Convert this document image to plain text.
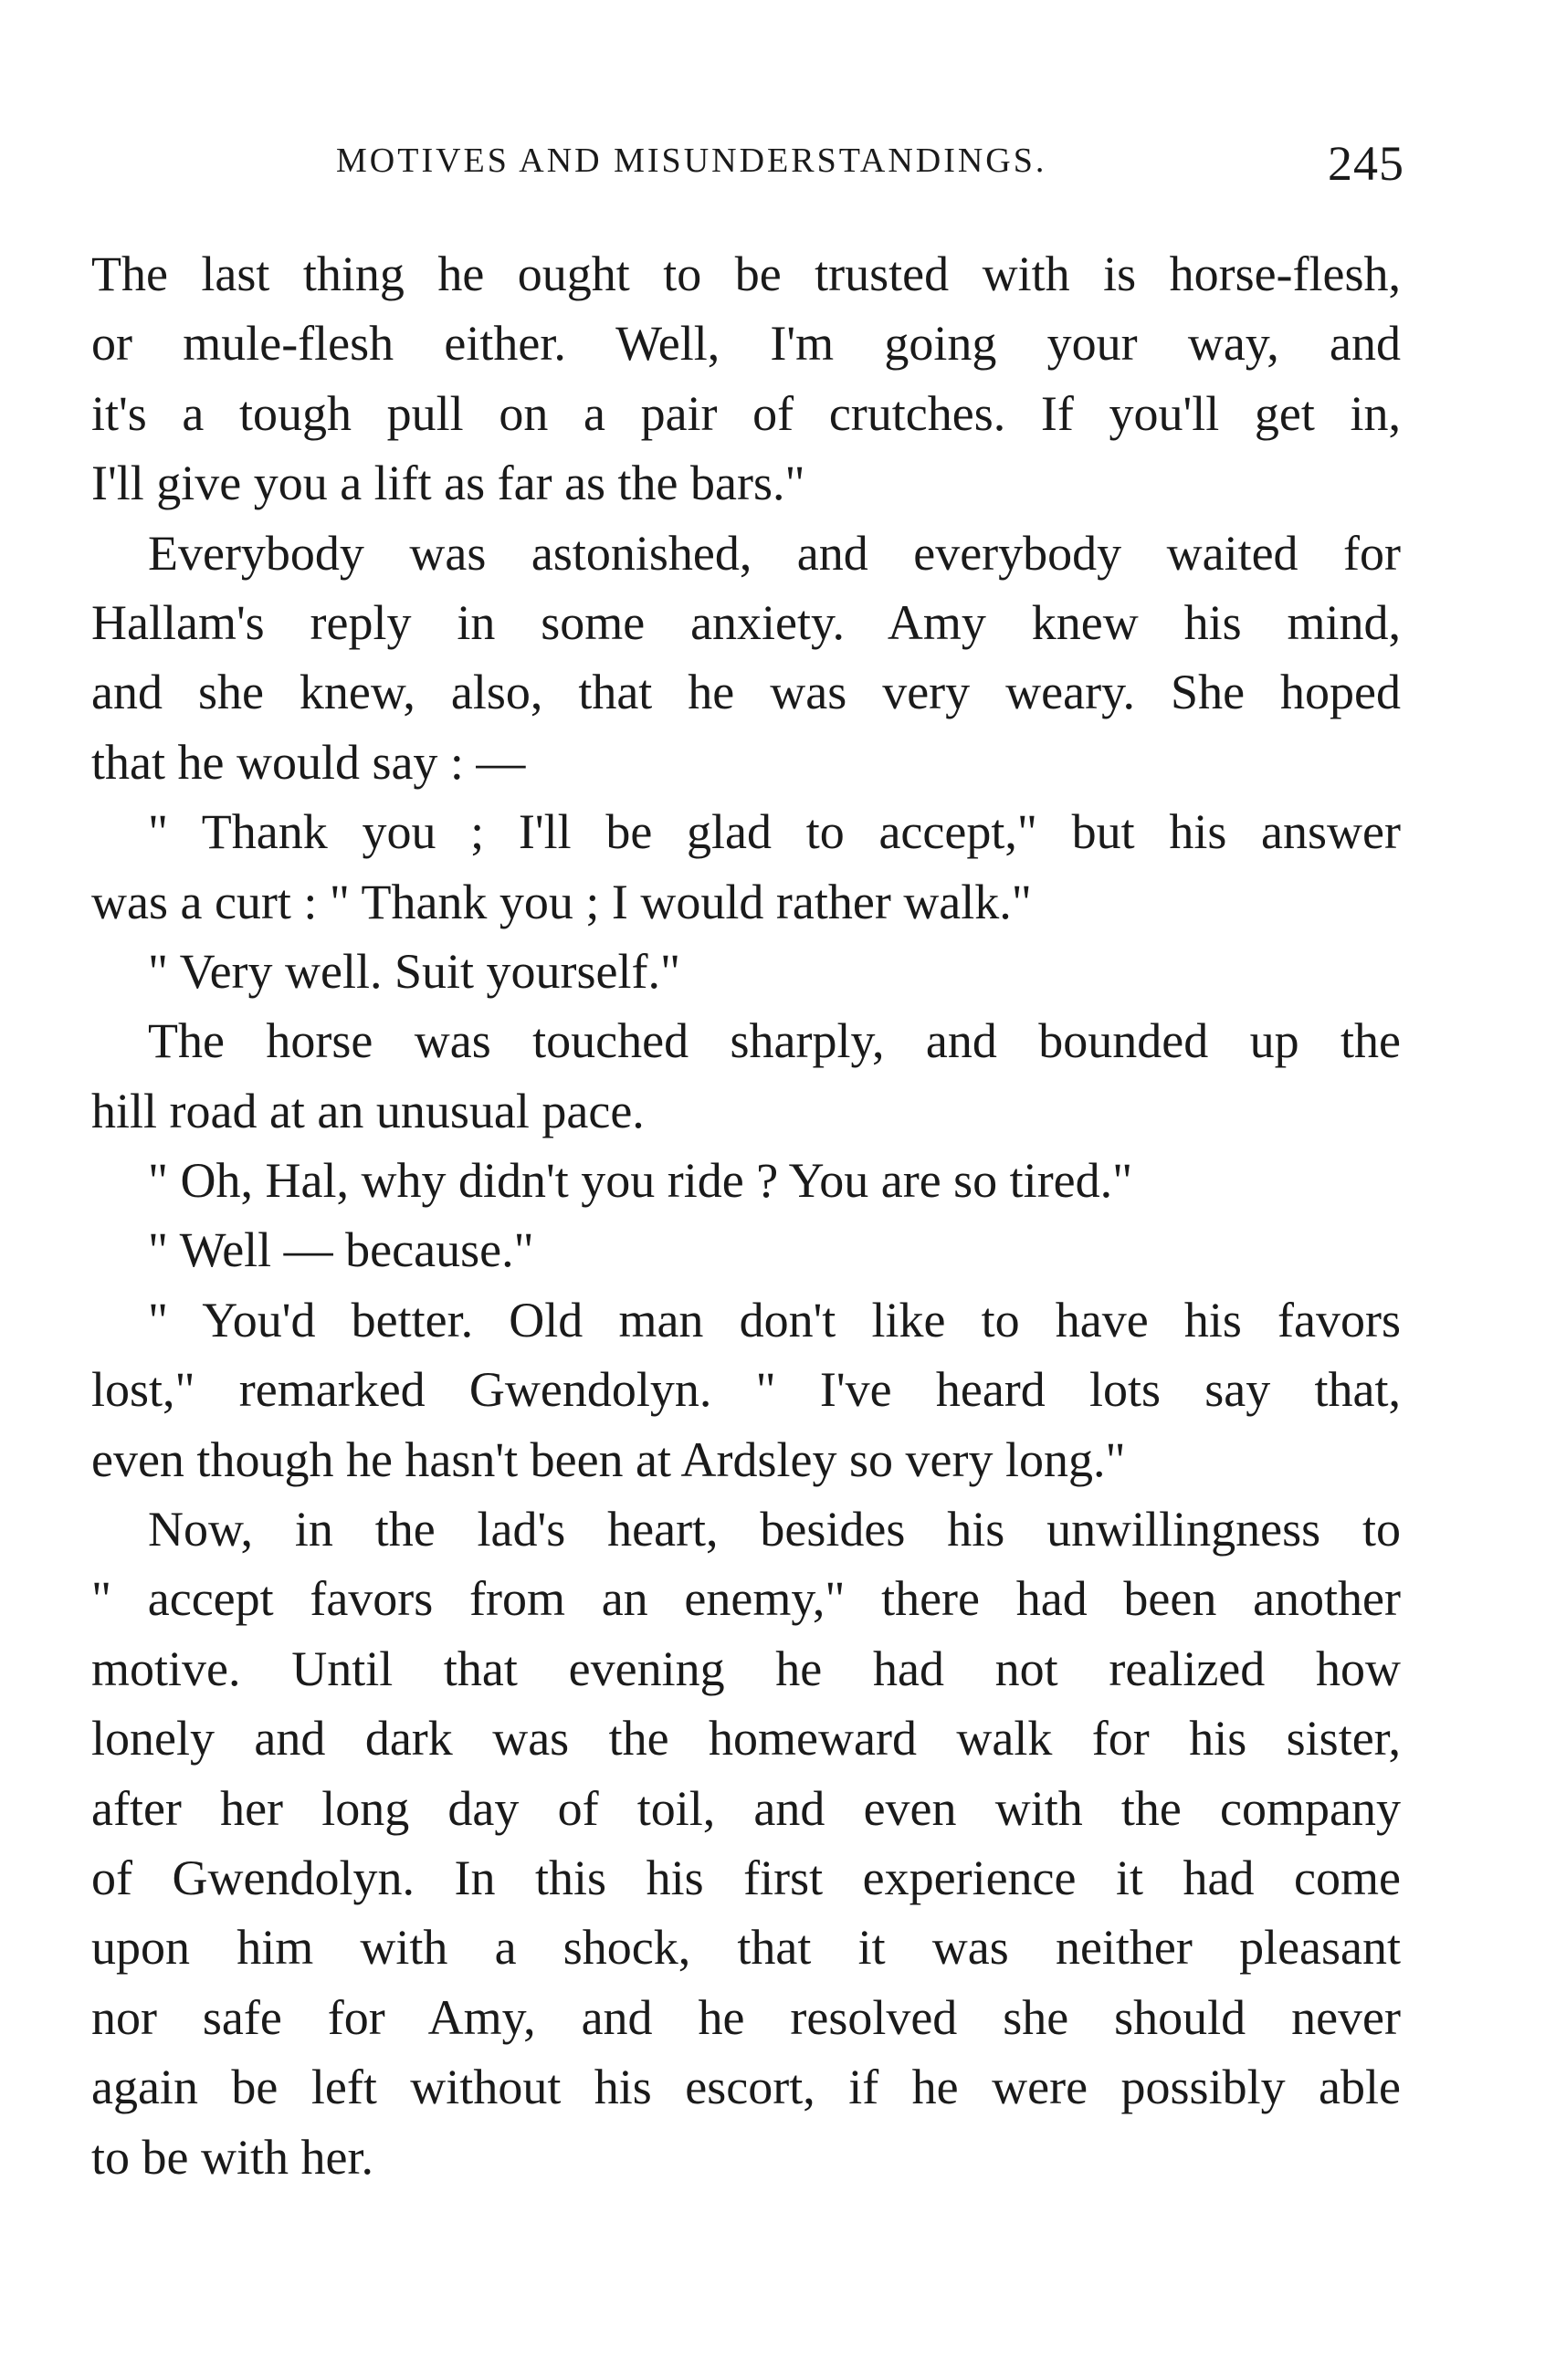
MOTIVES AND MISUNDERSTANDINGS.	245
The last thing he ought to be trusted with is horse-flesh,
or mule-flesh either. Well, I'm going your way, and
it's a tough pull on a pair of crutches. If you'll get in,
I'll give you a lift as far as the bars."
Everybody was astonished, and everybody waited for
Hallam's reply in some anxiety. Amy knew his mind,
and she knew, also, that he was very weary. She hoped
that he would say : —
" Thank you ; I'll be glad to accept," but his answer
was a curt : " Thank you ; I would rather walk."
" Very well. Suit yourself."
The horse was touched sharply, and bounded up the
hill road at an unusual pace.
" Oh, Hal, why didn't you ride ? You are so tired."
" Well — because."
" You'd better. Old man don't like to have his favors
lost," remarked Gwendolyn. " I've heard lots say that,
even though he hasn't been at Ardsley so very long."
Now, in the lad's heart, besides his unwillingness to
" accept favors from an enemy," there had been another
motive. Until that evening he had not realized how
lonely and dark was the homeward walk for his sister,
after her long day of toil, and even with the company
of Gwendolyn. In this his first experience it had come
upon him with a shock, that it was neither pleasant
nor safe for Amy, and he resolved she should never
again be left without his escort, if he were possibly able
to be with her.
